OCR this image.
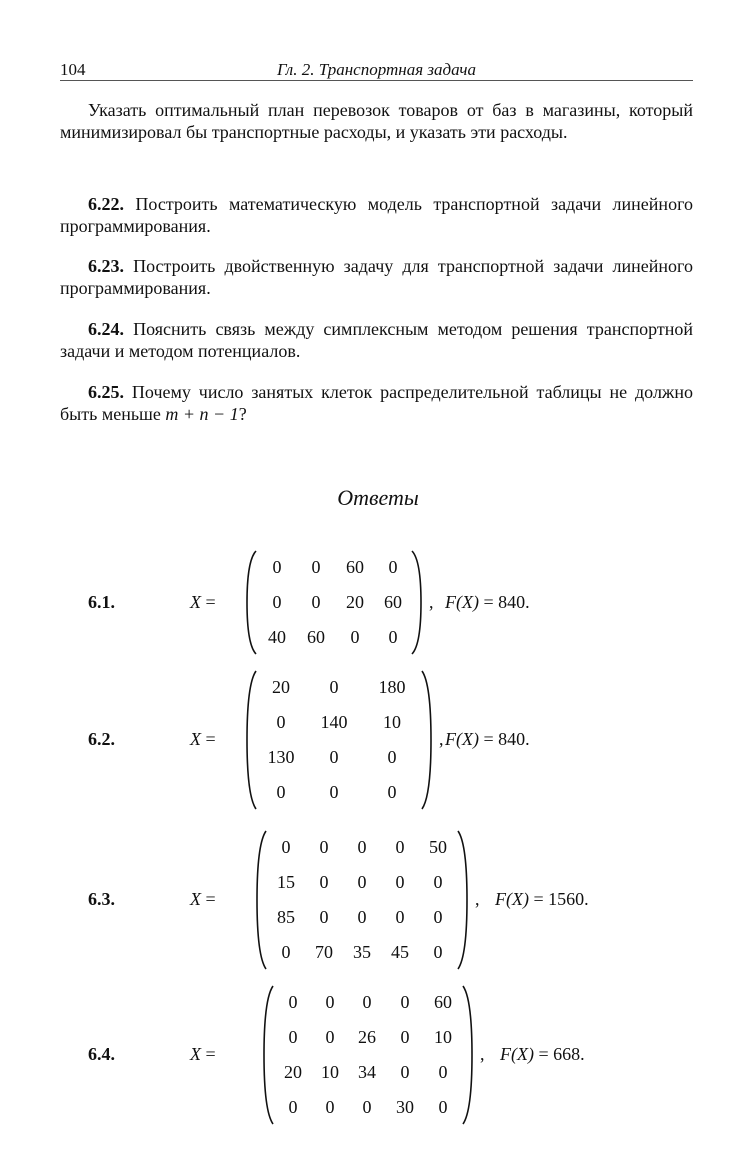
104	Гл. 2. Транспортная задача

Указать оптимальный план перевозок товаров от баз в магазины, который минимизировал бы транспортные расходы, и указать эти расходы.

6.22. Построить математическую модель транспортной задачи линейного программирования.

6.23. Построить двойственную задачу для транспортной задачи линейного программирования.

6.24. Пояснить связь между симплексным методом решения транспортной задачи и методом потенциалов.

6.25. Почему число занятых клеток распределительной таблицы не должно быть меньше m + n − 1?

Ответы
6.1.	X =
0	0	60	0
0	0	20	60
40	60	0	0
, F(X) = 840.
6.2.	X =
20	0	180
0	140	10
130	0	0
0	0	0
, F(X) = 840.
6.3.	X =
0	0	0	0	50
15	0	0	0	0
85	0	0	0	0
0	70	35	45	0
, F(X) = 1560.
6.4.	X =
0	0	0	0	60
0	0	26	0	10
20	10	34	0	0
0	0	0	30	0
, F(X) = 668.
